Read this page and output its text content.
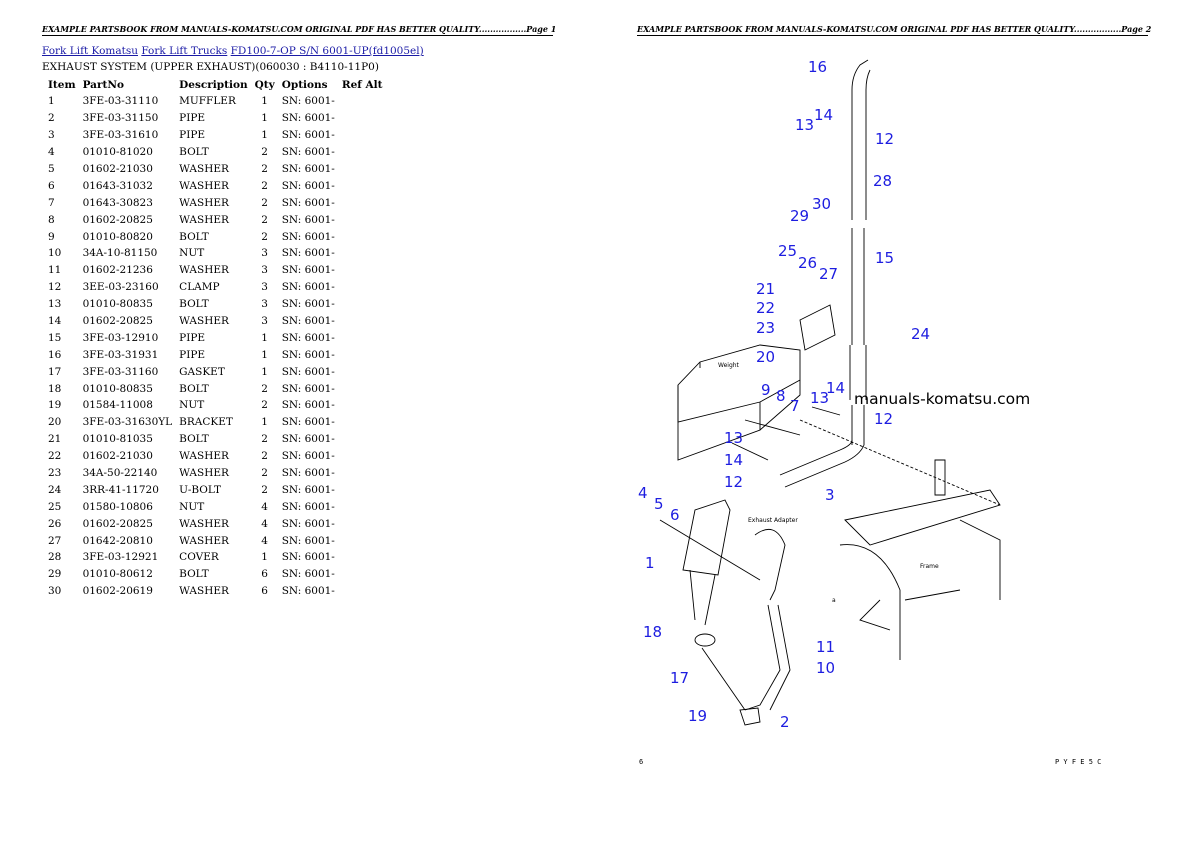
EXAMPLE PARTSBOOK FROM MANUALS-KOMATSU.COM ORIGINAL PDF HAS BETTER QUALITY.................Page 1
Fork Lift Komatsu Fork Lift Trucks FD100-7-OP S/N 6001-UP(fd1005el)
EXHAUST SYSTEM (UPPER EXHAUST)(060030 : B4110-11P0)
Item	PartNo	Description	Qty	Options	Ref Alt
1	3FE-03-31110	MUFFLER	1	SN: 6001-	
2	3FE-03-31150	PIPE	1	SN: 6001-	
3	3FE-03-31610	PIPE	1	SN: 6001-	
4	01010-81020	BOLT	2	SN: 6001-	
5	01602-21030	WASHER	2	SN: 6001-	
6	01643-31032	WASHER	2	SN: 6001-	
7	01643-30823	WASHER	2	SN: 6001-	
8	01602-20825	WASHER	2	SN: 6001-	
9	01010-80820	BOLT	2	SN: 6001-	
10	34A-10-81150	NUT	3	SN: 6001-	
11	01602-21236	WASHER	3	SN: 6001-	
12	3EE-03-23160	CLAMP	3	SN: 6001-	
13	01010-80835	BOLT	3	SN: 6001-	
14	01602-20825	WASHER	3	SN: 6001-	
15	3FE-03-12910	PIPE	1	SN: 6001-	
16	3FE-03-31931	PIPE	1	SN: 6001-	
17	3FE-03-31160	GASKET	1	SN: 6001-	
18	01010-80835	BOLT	2	SN: 6001-	
19	01584-11008	NUT	2	SN: 6001-	
20	3FE-03-31630YL	BRACKET	1	SN: 6001-	
21	01010-81035	BOLT	2	SN: 6001-	
22	01602-21030	WASHER	2	SN: 6001-	
23	34A-50-22140	WASHER	2	SN: 6001-	
24	3RR-41-11720	U-BOLT	2	SN: 6001-	
25	01580-10806	NUT	4	SN: 6001-	
26	01602-20825	WASHER	4	SN: 6001-	
27	01642-20810	WASHER	4	SN: 6001-	
28	3FE-03-12921	COVER	1	SN: 6001-	
29	01010-80612	BOLT	6	SN: 6001-	
30	01602-20619	WASHER	6	SN: 6001-	
EXAMPLE PARTSBOOK FROM MANUALS-KOMATSU.COM ORIGINAL PDF HAS BETTER QUALITY.................Page 2
6	P Y F E 5 C
manuals-komatsu.com
Weight
Exhaust Adapter
Frame
a
16
14
13
12
28
30
29
15
25
26
27
21
22
23	24
20
9 8
7 13
14
12
13
14
12
3
4
5
6
1
18
17
19	2
11
10
